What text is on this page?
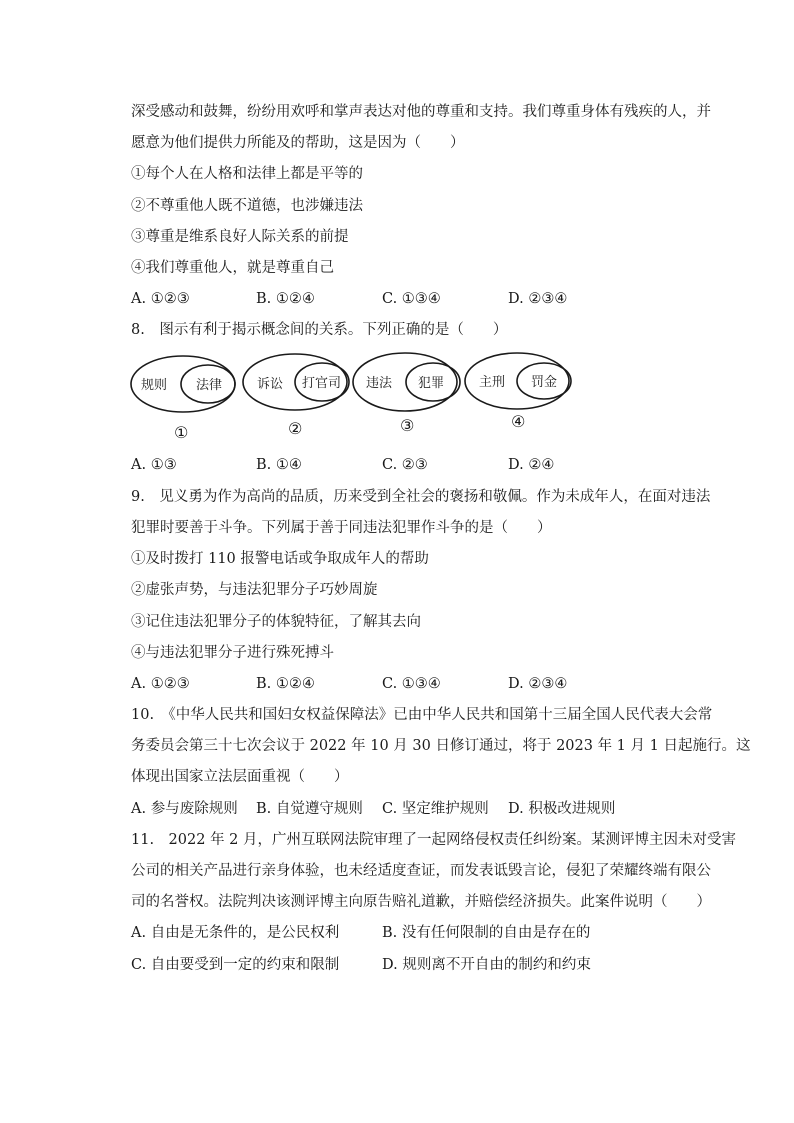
深受感动和鼓舞，纷纷用欢呼和掌声表达对他的尊重和支持。我们尊重身体有残疾的人，并
愿意为他们提供力所能及的帮助，这是因为（　　）
①每个人在人格和法律上都是平等的
②不尊重他人既不道德，也涉嫌违法
③尊重是维系良好人际关系的前提
④我们尊重他人，就是尊重自己
A. ①②③	B. ①②④	C. ①③④	D. ②③④
8.　图示有利于揭示概念间的关系。下列正确的是（　　）
规则 法律
①
诉讼 打官司
②
违法 犯罪
③
主刑 罚金
④
A. ①③	B. ①④	C. ②③	D. ②④
9.　见义勇为作为高尚的品质，历来受到全社会的褒扬和敬佩。作为未成年人，在面对违法
犯罪时要善于斗争。下列属于善于同违法犯罪作斗争的是（　　）
①及时拨打 110 报警电话或争取成年人的帮助
②虚张声势，与违法犯罪分子巧妙周旋
③记住违法犯罪分子的体貌特征，了解其去向
④与违法犯罪分子进行殊死搏斗
A. ①②③	B. ①②④	C. ①③④	D. ②③④
10.　《中华人民共和国妇女权益保障法》已由中华人民共和国第十三届全国人民代表大会常
务委员会第三十七次会议于 2022 年 10 月 30 日修订通过，将于 2023 年 1 月 1 日起施行。这
体现出国家立法层面重视（　　）
A. 参与废除规则 B. 自觉遵守规则 C. 坚定维护规则 D. 积极改进规则
11.　2022 年 2 月，广州互联网法院审理了一起网络侵权责任纠纷案。某测评博主因未对受害
公司的相关产品进行亲身体验，也未经适度查证，而发表诋毁言论，侵犯了荣耀终端有限公
司的名誉权。法院判决该测评博主向原告赔礼道歉，并赔偿经济损失。此案件说明（　　）
A. 自由是无条件的，是公民权利	B. 没有任何限制的自由是存在的
C. 自由要受到一定的约束和限制	D. 规则离不开自由的制约和约束
